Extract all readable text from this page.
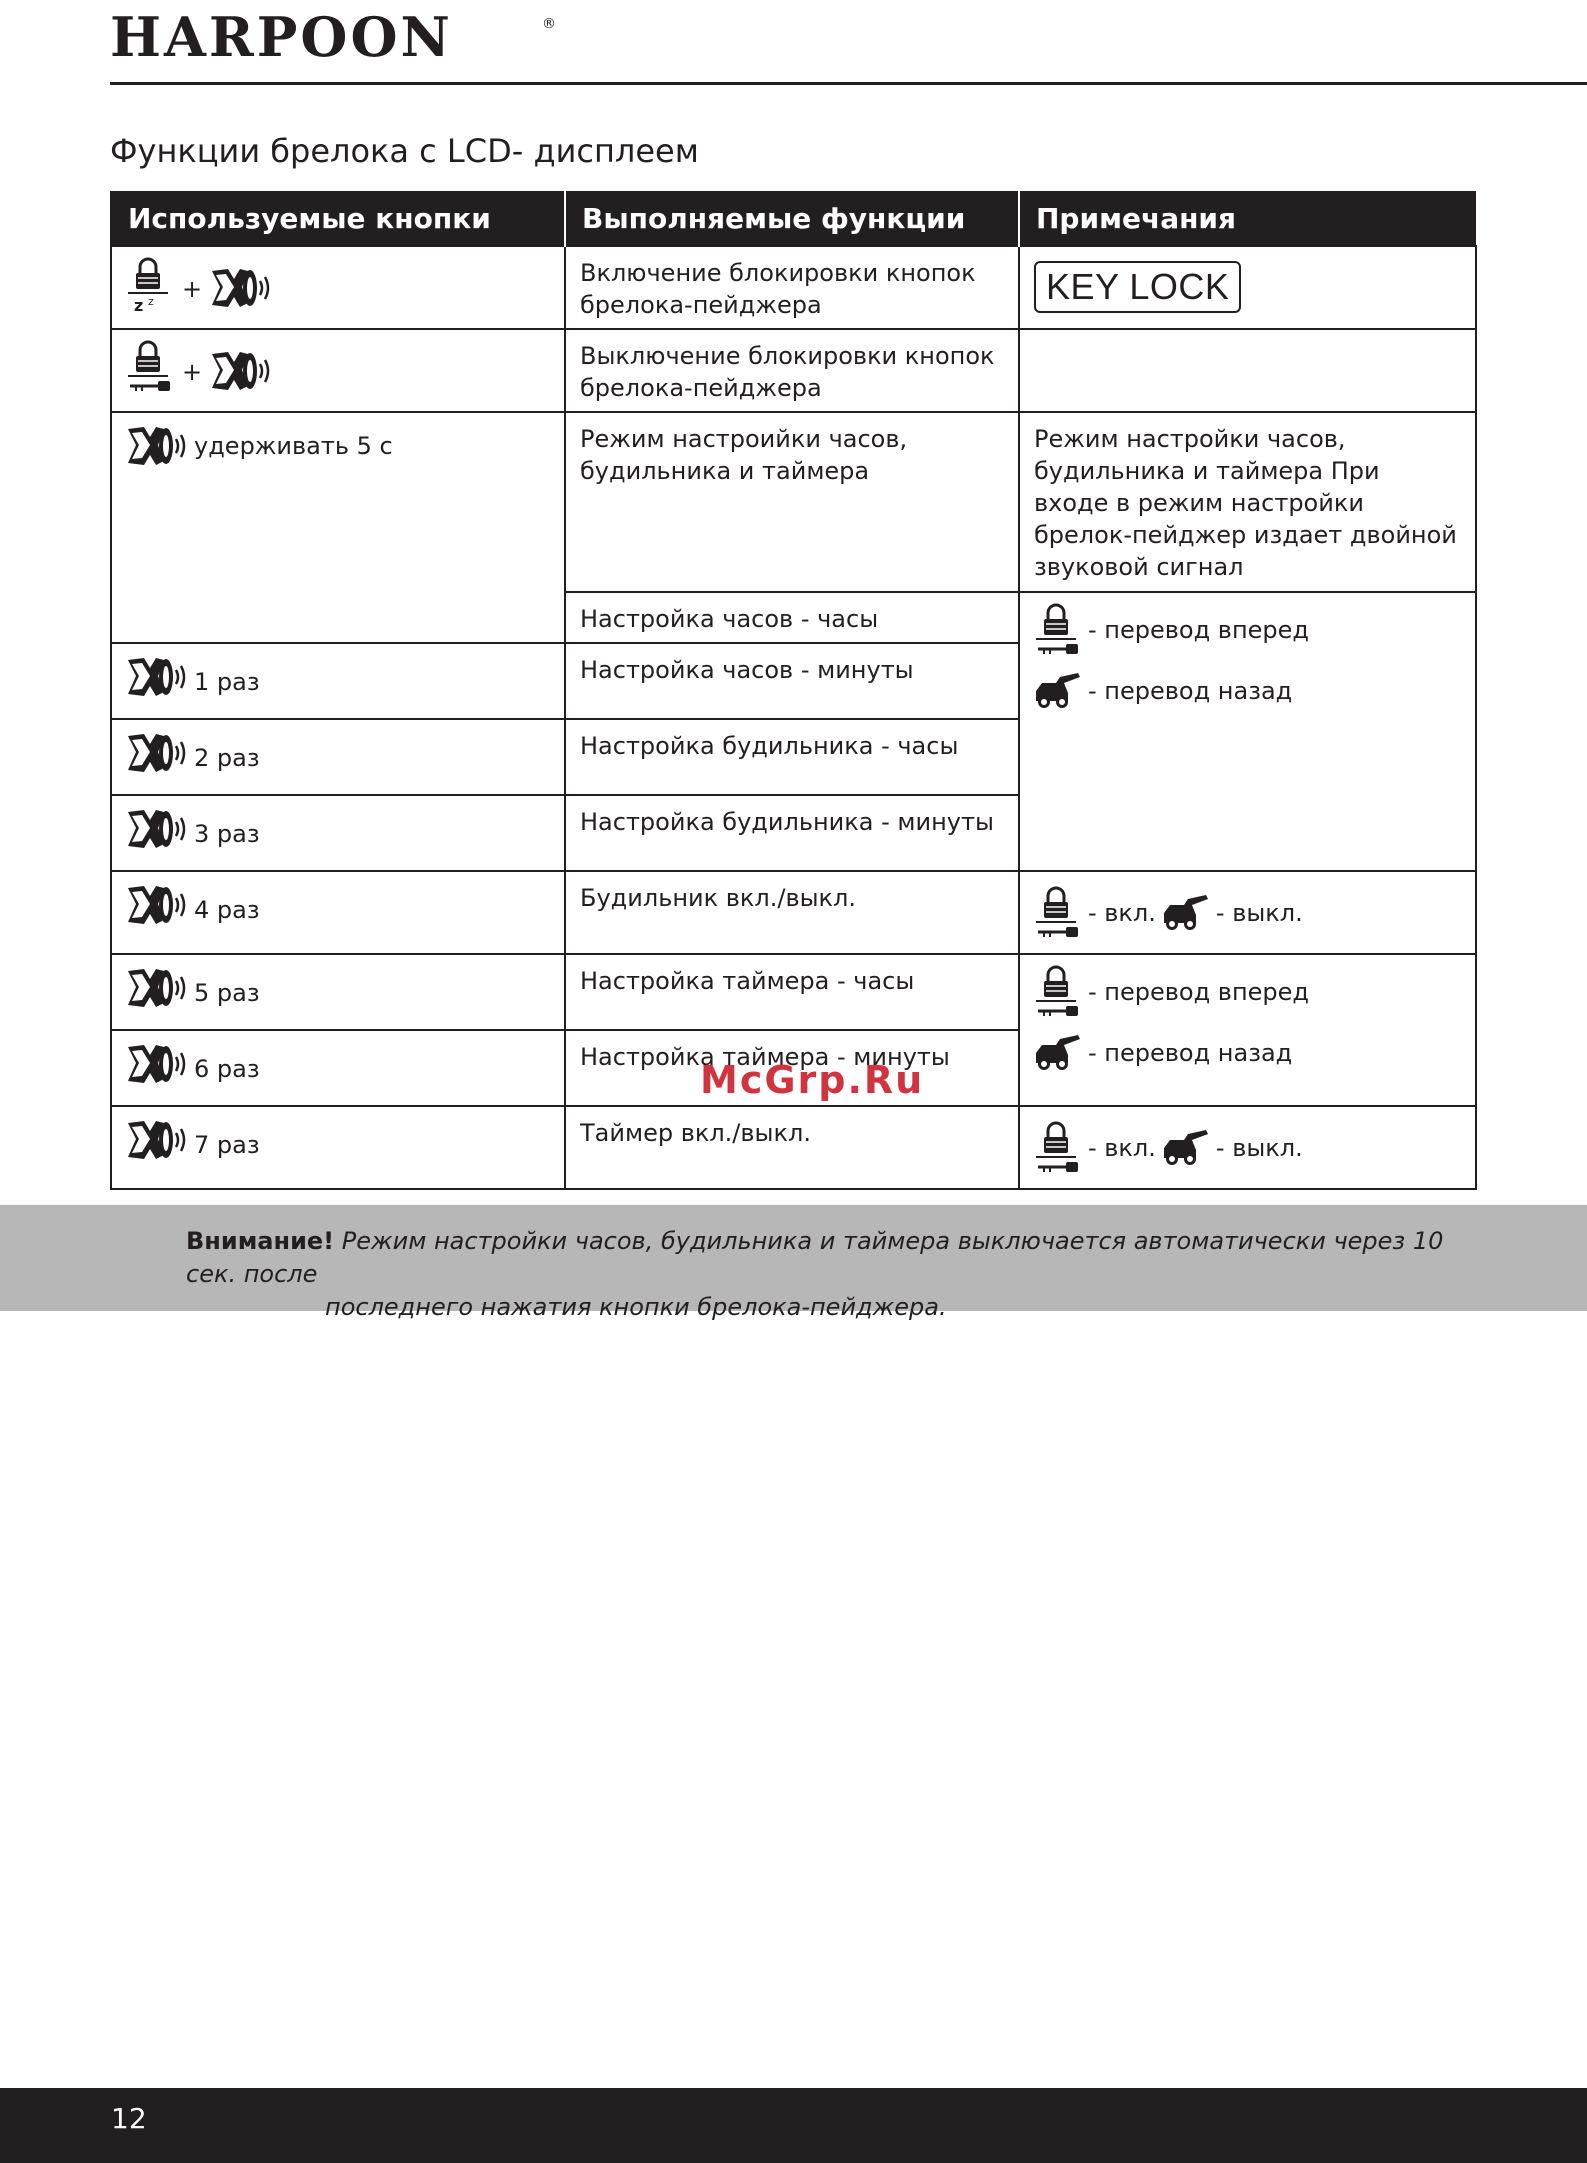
HARPOON	®
Функции брелока с LCD- дисплеем
Используемые кнопки	Выполняемые функции	Примечания

z z +	Включение блокировки кнопок брелока-пейджера	KEY LOCK

+	Выключение блокировки кнопок брелока-пейджера	

удерживать 5 с	Режим настроийки часов, будильника и таймера	Режим настройки часов, будильника и таймера При входе в режим настройки брелок-пейджер издает двойной звуковой сигнал
	Настройка часов - часы	- перевод вперед
- перевод назад

1 раз	Настройка часов - минуты	

2 раз	Настройка будильника - часы	

3 раз	Настройка будильника - минуты	

4 раз	Будильник вкл./выкл.	- вкл. - выкл.

5 раз	Настройка таймера - часы	- перевод вперед
- перевод назад

6 раз	Настройка таймера - минуты	

7 раз	Таймер вкл./выкл.	- вкл. - выкл.
McGrp.Ru
Внимание! Режим настройки часов, будильника и таймера выключается автоматически через 10 сек. после
последнего нажатия кнопки брелока-пейджера.
12
